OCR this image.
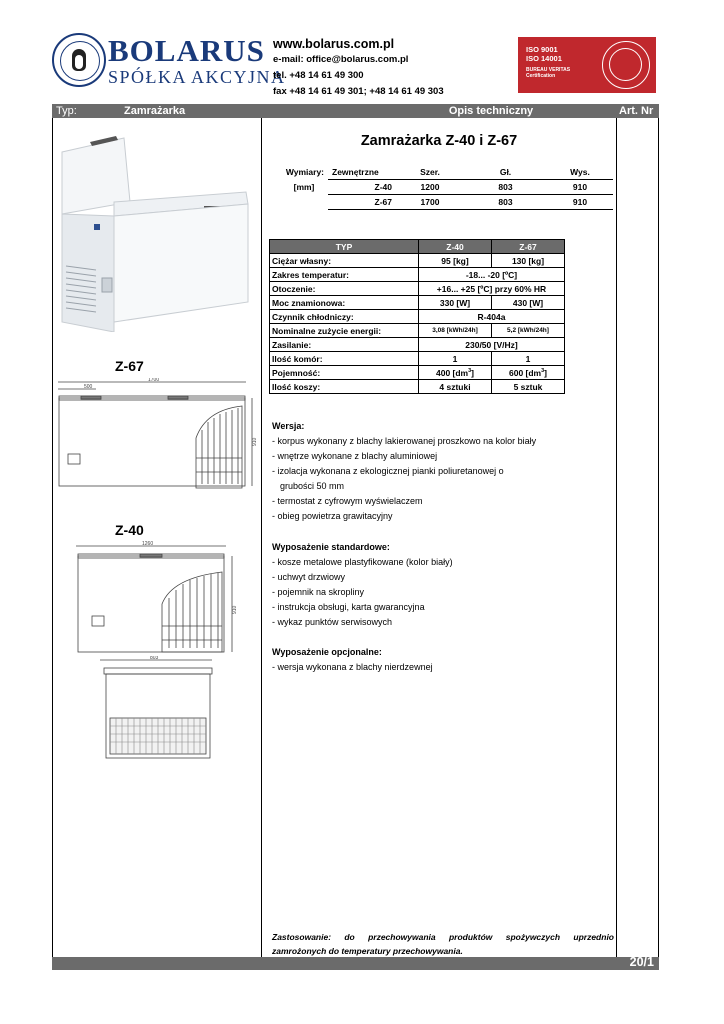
BOLARUS
SPÓŁKA AKCYJNA
www.bolarus.com.pl
e-mail: office@bolarus.com.pl
tel. +48 14 61 49 300
fax +48 14 61 49 301; +48 14 61 49 303
ISO 9001
ISO 14001
BUREAU VERITAS
Certification
Typ:	Zamrażarka	Opis techniczny	Art. Nr
Z-67
500
1700
910
Z-40
1260
910
803
Zamrażarka Z-40 i Z-67
Wymiary:	Zewnętrzne	Szer.	Gł.	Wys.
[mm]	Z-40	1200	803	910
	Z-67	1700	803	910
TYP	Z-40	Z-67
Ciężar własny:	95 [kg]	130 [kg]
Zakres temperatur:	-18... -20 [ºC]	
Otoczenie:	+16... +25 [ºC] przy 60% HR	
Moc znamionowa:	330 [W]	430 [W]
Czynnik chłodniczy:	R-404a	
Nominalne zużycie energii:	3,08 [kWh/24h]	5,2 [kWh/24h]
Zasilanie:	230/50 [V/Hz]	
Ilość komór:	1	1
Pojemność:	400 $[dm^3]$	600 $[dm^3]$
Ilość koszy:	4 sztuki	5 sztuk
Wersja:
- korpus wykonany z blachy lakierowanej proszkowo na kolor biały
- wnętrze wykonane z blachy aluminiowej
- izolacja wykonana z ekologicznej pianki poliuretanowej o
grubości 50 mm
- termostat z cyfrowym wyświelaczem
- obieg powietrza grawitacyjny
Wyposażenie standardowe:
- kosze metalowe plastyfikowane (kolor biały)
- uchwyt drzwiowy
- pojemnik na skropliny
- instrukcja obsługi, karta gwarancyjna
- wykaz punktów serwisowych
Wyposażenie opcjonalne:
- wersja wykonana z blachy nierdzewnej
Zastosowanie: do przechowywania produktów spożywczych uprzednio zamrożonych do temperatury przechowywania.
20/1
